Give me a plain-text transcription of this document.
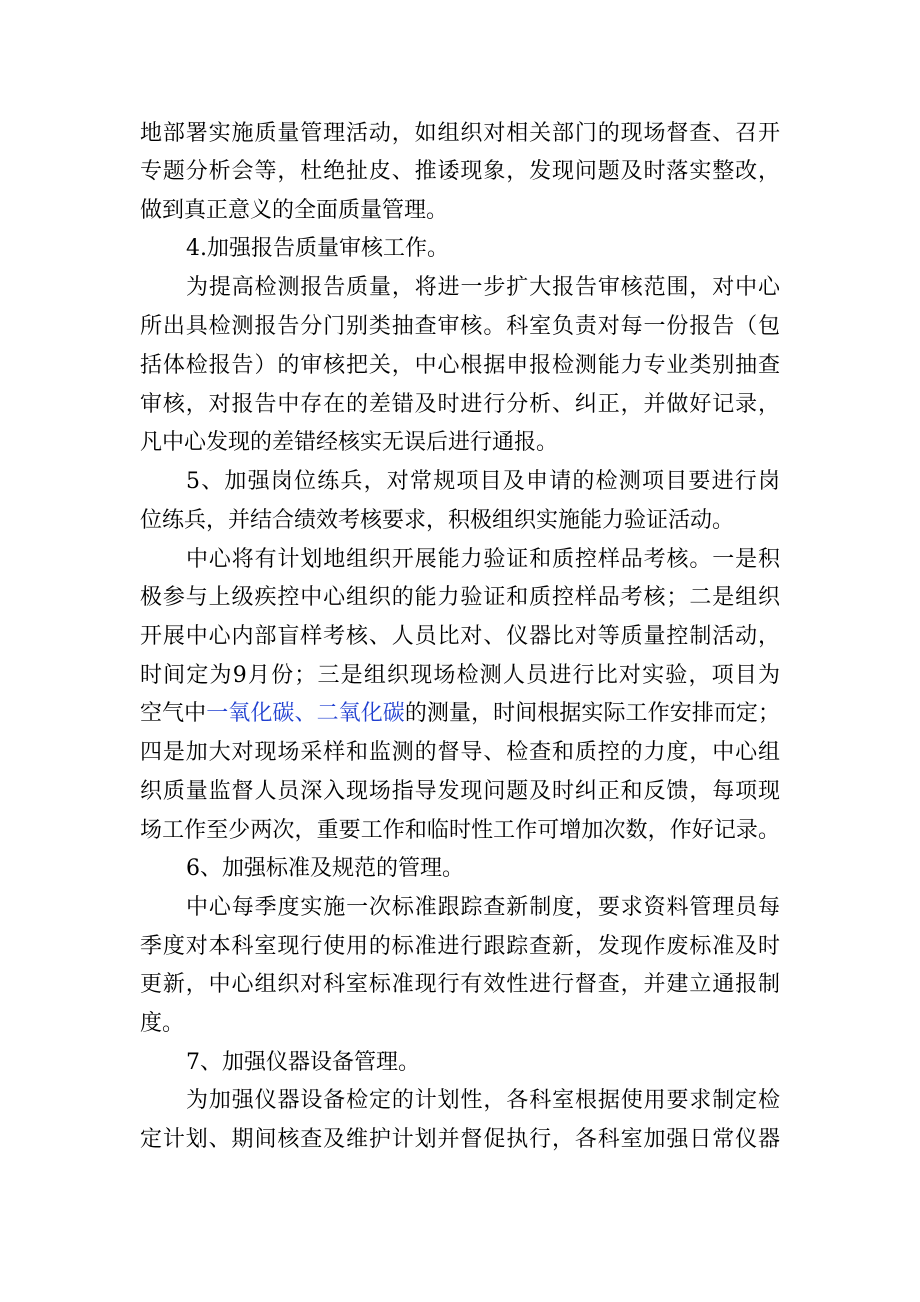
地部署实施质量管理活动，如组织对相关部门的现场督查、召开
专题分析会等，杜绝扯皮、推诿现象，发现问题及时落实整改，
做到真正意义的全面质量管理。
4.加强报告质量审核工作。
为提高检测报告质量，将进一步扩大报告审核范围，对中心
所出具检测报告分门别类抽查审核。科室负责对每一份报告（包
括体检报告）的审核把关，中心根据申报检测能力专业类别抽查
审核，对报告中存在的差错及时进行分析、纠正，并做好记录，
凡中心发现的差错经核实无误后进行通报。
5、加强岗位练兵，对常规项目及申请的检测项目要进行岗
位练兵，并结合绩效考核要求，积极组织实施能力验证活动。
中心将有计划地组织开展能力验证和质控样品考核。一是积
极参与上级疾控中心组织的能力验证和质控样品考核；二是组织
开展中心内部盲样考核、人员比对、仪器比对等质量控制活动，
时间定为9月份；三是组织现场检测人员进行比对实验，项目为
空气中一氧化碳、二氧化碳的测量，时间根据实际工作安排而定；
四是加大对现场采样和监测的督导、检查和质控的力度，中心组
织质量监督人员深入现场指导发现问题及时纠正和反馈，每项现
场工作至少两次，重要工作和临时性工作可增加次数，作好记录。
6、加强标准及规范的管理。
中心每季度实施一次标准跟踪查新制度，要求资料管理员每
季度对本科室现行使用的标准进行跟踪查新，发现作废标准及时
更新，中心组织对科室标准现行有效性进行督查，并建立通报制
度。
7、加强仪器设备管理。
为加强仪器设备检定的计划性，各科室根据使用要求制定检
定计划、期间核查及维护计划并督促执行，各科室加强日常仪器
